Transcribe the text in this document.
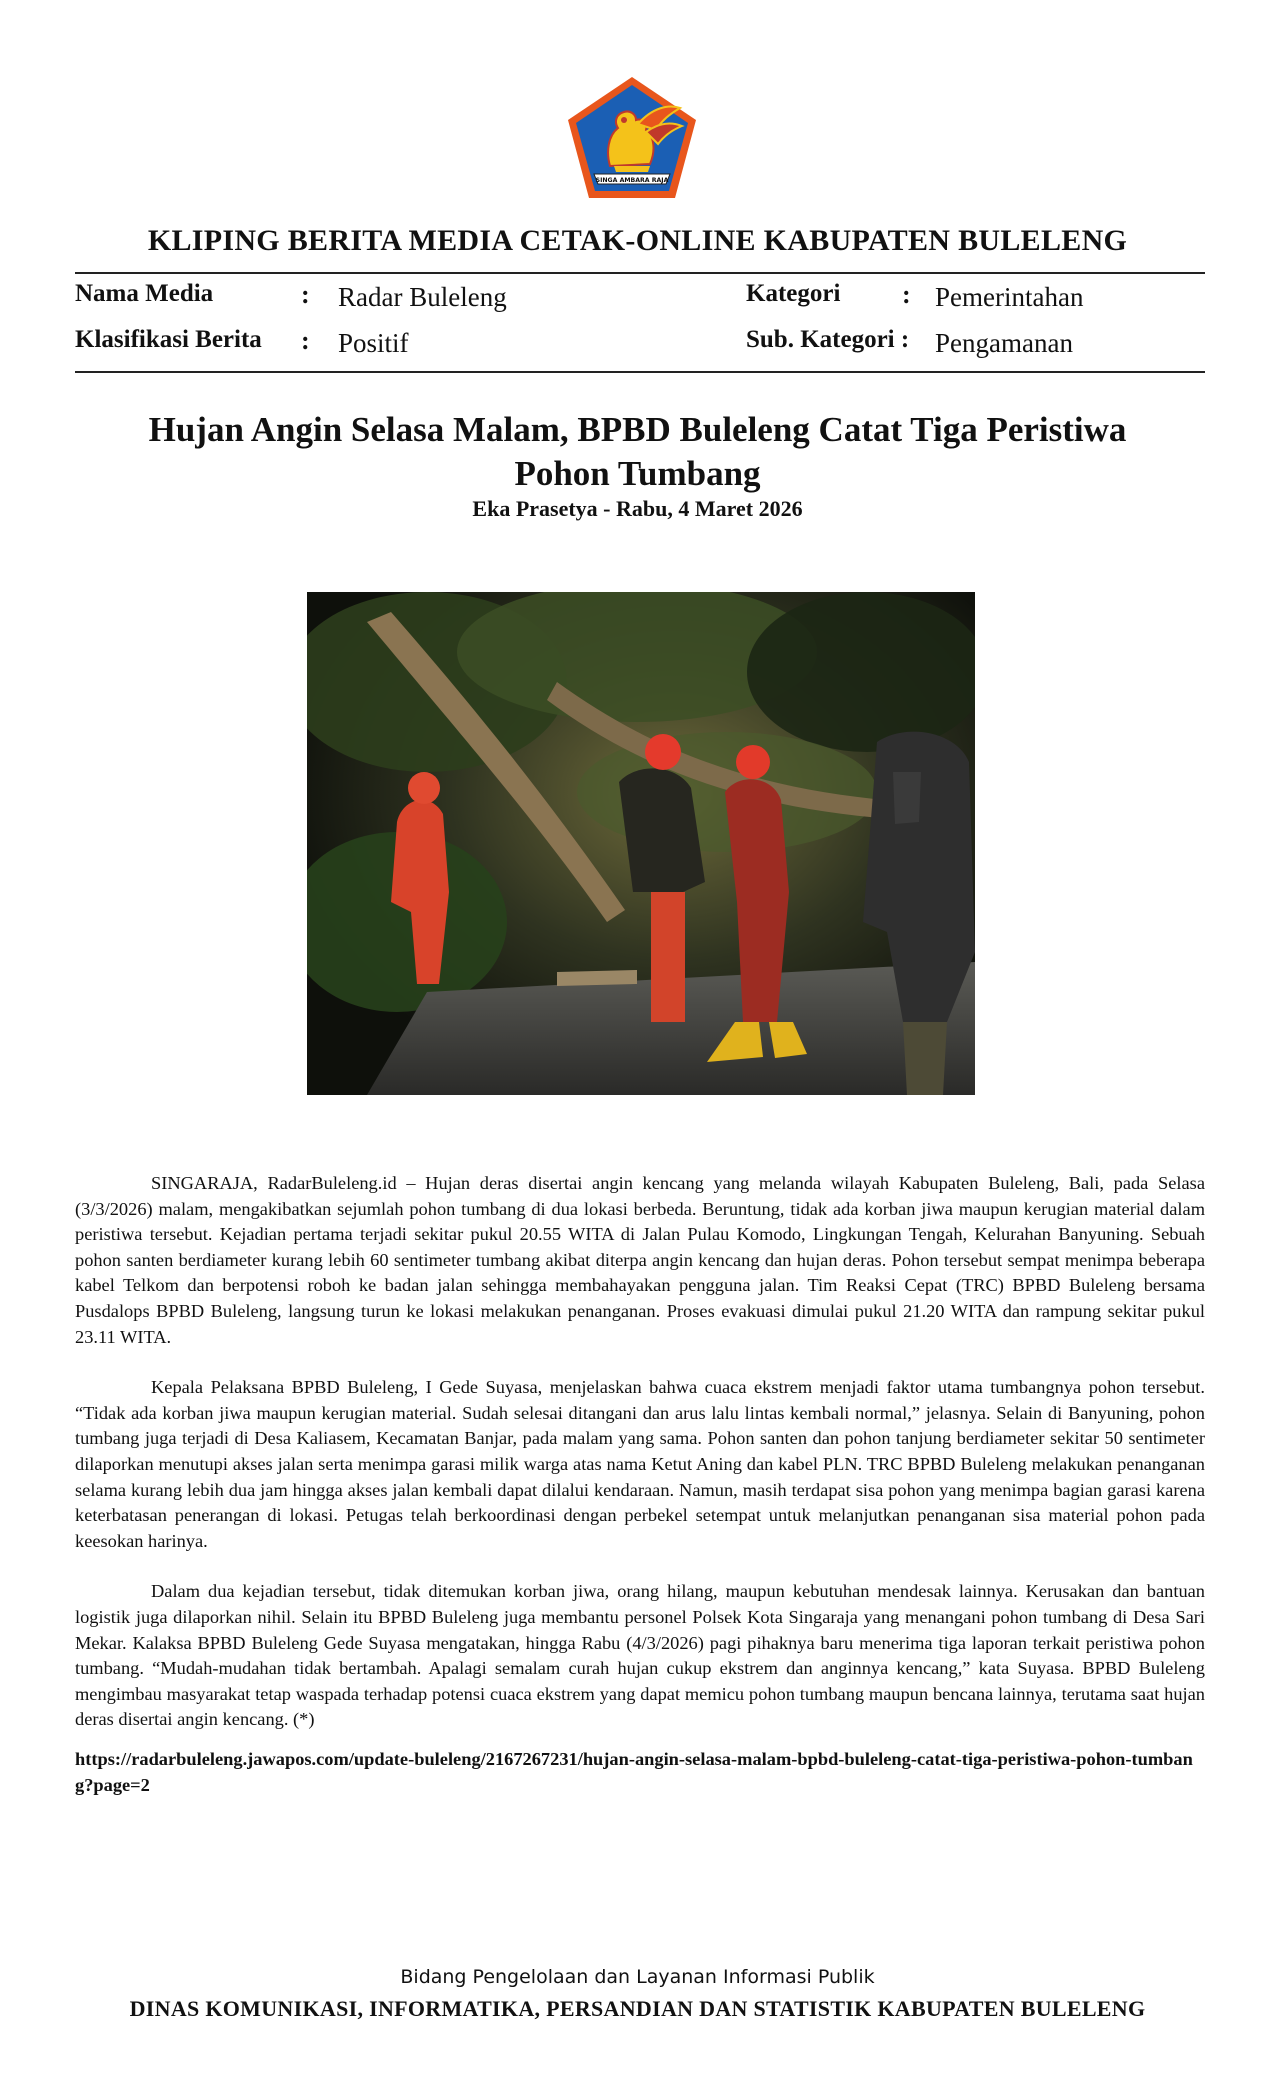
SINGA AMBARA RAJA
KLIPING BERITA MEDIA CETAK-ONLINE KABUPATEN BULELENG
Nama Media	: Radar Buleleng	Kategori : Pemerintahan
Klasifikasi Berita : Positif	Sub. Kategori : Pengamanan
Hujan Angin Selasa Malam, BPBD Buleleng Catat Tiga Peristiwa
Pohon Tumbang
Eka Prasetya - Rabu, 4 Maret 2026

SINGARAJA, RadarBuleleng.id – Hujan deras disertai angin kencang yang melanda wilayah Kabupaten Buleleng, Bali, pada Selasa (3/3/2026) malam, mengakibatkan sejumlah pohon tumbang di dua lokasi berbeda. Beruntung, tidak ada korban jiwa maupun kerugian material dalam peristiwa tersebut. Kejadian pertama terjadi sekitar pukul 20.55 WITA di Jalan Pulau Komodo, Lingkungan Tengah, Kelurahan Banyuning. Sebuah pohon santen berdiameter kurang lebih 60 sentimeter tumbang akibat diterpa angin kencang dan hujan deras. Pohon tersebut sempat menimpa beberapa kabel Telkom dan berpotensi roboh ke badan jalan sehingga membahayakan pengguna jalan. Tim Reaksi Cepat (TRC) BPBD Buleleng bersama Pusdalops BPBD Buleleng, langsung turun ke lokasi melakukan penanganan. Proses evakuasi dimulai pukul 21.20 WITA dan rampung sekitar pukul 23.11 WITA.

Kepala Pelaksana BPBD Buleleng, I Gede Suyasa, menjelaskan bahwa cuaca ekstrem menjadi faktor utama tumbangnya pohon tersebut. “Tidak ada korban jiwa maupun kerugian material. Sudah selesai ditangani dan arus lalu lintas kembali normal,” jelasnya. Selain di Banyuning, pohon tumbang juga terjadi di Desa Kaliasem, Kecamatan Banjar, pada malam yang sama. Pohon santen dan pohon tanjung berdiameter sekitar 50 sentimeter dilaporkan menutupi akses jalan serta menimpa garasi milik warga atas nama Ketut Aning dan kabel PLN. TRC BPBD Buleleng melakukan penanganan selama kurang lebih dua jam hingga akses jalan kembali dapat dilalui kendaraan. Namun, masih terdapat sisa pohon yang menimpa bagian garasi karena keterbatasan penerangan di lokasi. Petugas telah berkoordinasi dengan perbekel setempat untuk melanjutkan penanganan sisa material pohon pada keesokan harinya.

Dalam dua kejadian tersebut, tidak ditemukan korban jiwa, orang hilang, maupun kebutuhan mendesak lainnya. Kerusakan dan bantuan logistik juga dilaporkan nihil. Selain itu BPBD Buleleng juga membantu personel Polsek Kota Singaraja yang menangani pohon tumbang di Desa Sari Mekar. Kalaksa BPBD Buleleng Gede Suyasa mengatakan, hingga Rabu (4/3/2026) pagi pihaknya baru menerima tiga laporan terkait peristiwa pohon tumbang. “Mudah-mudahan tidak bertambah. Apalagi semalam curah hujan cukup ekstrem dan anginnya kencang,” kata Suyasa. BPBD Buleleng mengimbau masyarakat tetap waspada terhadap potensi cuaca ekstrem yang dapat memicu pohon tumbang maupun bencana lainnya, terutama saat hujan deras disertai angin kencang. (*)

https://radarbuleleng.jawapos.com/update-buleleng/2167267231/hujan-angin-selasa-malam-bpbd-buleleng-catat-tiga-peristiwa-pohon-tumbang?page=2
Bidang Pengelolaan dan Layanan Informasi Publik
DINAS KOMUNIKASI, INFORMATIKA, PERSANDIAN DAN STATISTIK KABUPATEN BULELENG
